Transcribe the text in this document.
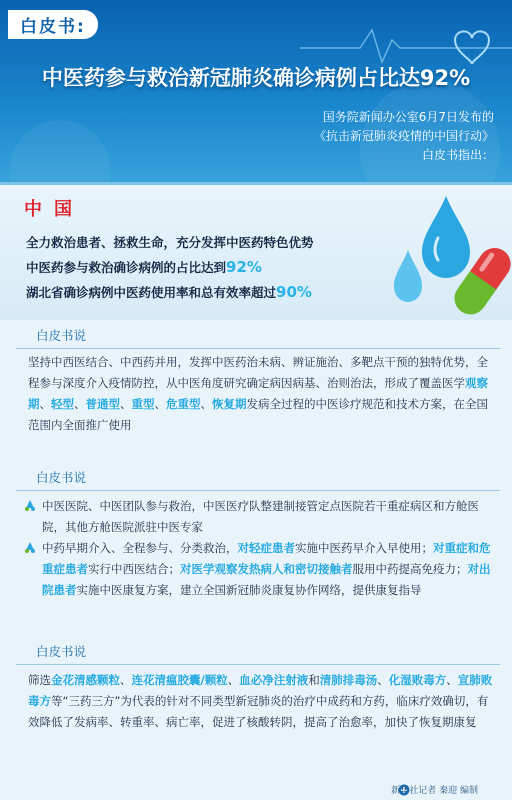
白皮书:
中医药参与救治新冠肺炎确诊病例占比达92%
国务院新闻办公室6月7日发布的
《抗击新冠肺炎疫情的中国行动》
白皮书指出：
中国
全力救治患者、拯救生命，充分发挥中医药特色优势
中医药参与救治确诊病例的占比达到92%
湖北省确诊病例中医药使用率和总有效率超过90%
白皮书说
坚持中西医结合、中西药并用，发挥中医药治未病、辨证施治、多靶点干预的独特优势，全程参与深度介入疫情防控，从中医角度研究确定病因病基、治则治法，形成了覆盖医学观察期、轻型、普通型、重型、危重型、恢复期发病全过程的中医诊疗规范和技术方案，在全国范围内全面推广使用
白皮书说
中医医院、中医团队参与救治，中医医疗队整建制接管定点医院若干重症病区和方舱医院，其他方舱医院派驻中医专家
中药早期介入、全程参与、分类救治，对轻症患者实施中医药早介入早使用；对重症和危重症患者实行中西医结合；对医学观察发热病人和密切接触者服用中药提高免疫力；对出院患者实施中医康复方案，建立全国新冠肺炎康复协作网络，提供康复指导
白皮书说
筛选金花清感颗粒、连花清瘟胶囊/颗粒、血必净注射液和清肺排毒汤、化湿败毒方、宣肺败毒方等“三药三方”为代表的针对不同类型新冠肺炎的治疗中成药和方药，临床疗效确切，有效降低了发病率、转重率、病亡率，促进了核酸转阴，提高了治愈率，加快了恢复期康复
新华社记者 秦迎 编制
